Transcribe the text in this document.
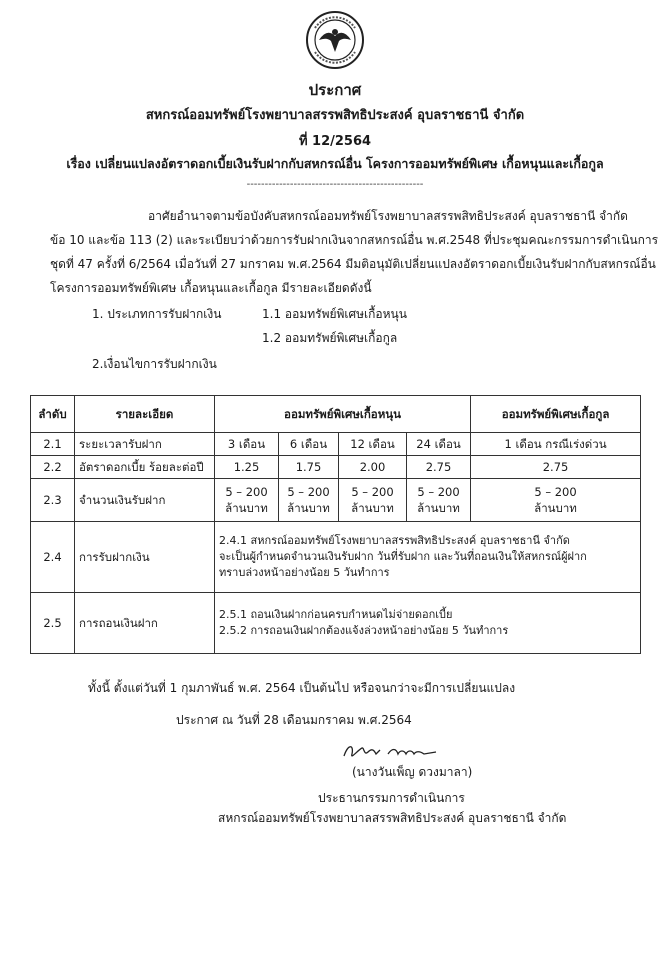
ประกาศ
สหกรณ์ออมทรัพย์โรงพยาบาลสรรพสิทธิประสงค์ อุบลราชธานี จำกัด
ที่ 12/2564
เรื่อง เปลี่ยนแปลงอัตราดอกเบี้ยเงินรับฝากกับสหกรณ์อื่น โครงการออมทรัพย์พิเศษ เกื้อหนุนและเกื้อกูล
-------------------------------------------------
อาศัยอำนาจตามข้อบังคับสหกรณ์ออมทรัพย์โรงพยาบาลสรรพสิทธิประสงค์ อุบลราชธานี จำกัด
ข้อ 10 และข้อ 113 (2) และระเบียบว่าด้วยการรับฝากเงินจากสหกรณ์อื่น พ.ศ.2548 ที่ประชุมคณะกรรมการดำเนินการ
ชุดที่ 47 ครั้งที่ 6/2564 เมื่อวันที่ 27 มกราคม พ.ศ.2564 มีมติอนุมัติเปลี่ยนแปลงอัตราดอกเบี้ยเงินรับฝากกับสหกรณ์อื่น
โครงการออมทรัพย์พิเศษ เกื้อหนุนและเกื้อกูล มีรายละเอียดดังนี้
1. ประเภทการรับฝากเงิน	1.1 ออมทรัพย์พิเศษเกื้อหนุน
1.2 ออมทรัพย์พิเศษเกื้อกูล
2.เงื่อนไขการรับฝากเงิน
ลำดับ	รายละเอียด	ออมทรัพย์พิเศษเกื้อหนุน				ออมทรัพย์พิเศษเกื้อกูล
2.1	ระยะเวลารับฝาก	3 เดือน	6 เดือน	12 เดือน	24 เดือน	1 เดือน กรณีเร่งด่วน
2.2	อัตราดอกเบี้ย ร้อยละต่อปี	1.25	1.75	2.00	2.75	2.75
2.3	จำนวนเงินรับฝาก	5 – 200
ล้านบาท	5 – 200
ล้านบาท	5 – 200
ล้านบาท	5 – 200
ล้านบาท	5 – 200
ล้านบาท
2.4	การรับฝากเงิน	2.4.1 สหกรณ์ออมทรัพย์โรงพยาบาลสรรพสิทธิประสงค์ อุบลราชธานี จำกัด
จะเป็นผู้กำหนดจำนวนเงินรับฝาก วันที่รับฝาก และวันที่ถอนเงินให้สหกรณ์ผู้ฝาก
ทราบล่วงหน้าอย่างน้อย 5 วันทำการ				

2.5	การถอนเงินฝาก	2.5.1 ถอนเงินฝากก่อนครบกำหนดไม่จ่ายดอกเบี้ย
2.5.2 การถอนเงินฝากต้องแจ้งล่วงหน้าอย่างน้อย 5 วันทำการ				
ทั้งนี้ ตั้งแต่วันที่ 1 กุมภาพันธ์ พ.ศ. 2564 เป็นต้นไป หรือจนกว่าจะมีการเปลี่ยนแปลง
ประกาศ ณ วันที่ 28 เดือนมกราคม พ.ศ.2564
(นางวันเพ็ญ ดวงมาลา)
ประธานกรรมการดำเนินการ
สหกรณ์ออมทรัพย์โรงพยาบาลสรรพสิทธิประสงค์ อุบลราชธานี จำกัด
